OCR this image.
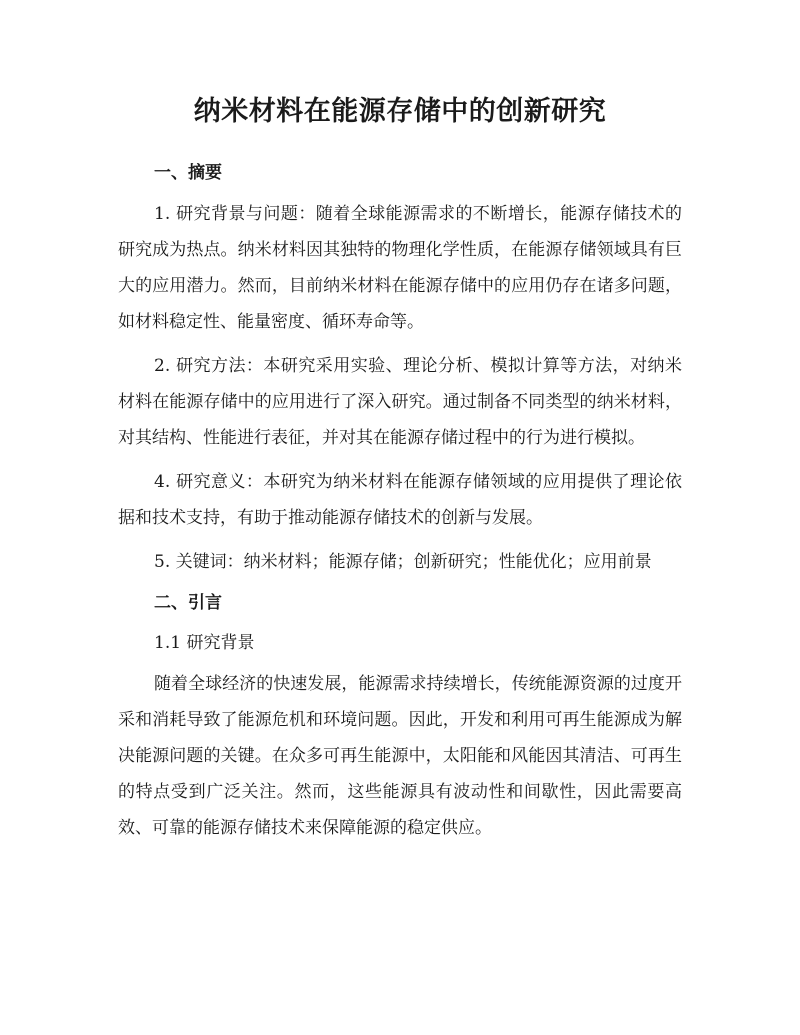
纳米材料在能源存储中的创新研究
一、摘要

1. 研究背景与问题：随着全球能源需求的不断增长，能源存储技术的研究成为热点。纳米材料因其独特的物理化学性质，在能源存储领域具有巨大的应用潜力。然而，目前纳米材料在能源存储中的应用仍存在诸多问题，如材料稳定性、能量密度、循环寿命等。

2. 研究方法：本研究采用实验、理论分析、模拟计算等方法，对纳米材料在能源存储中的应用进行了深入研究。通过制备不同类型的纳米材料，对其结构、性能进行表征，并对其在能源存储过程中的行为进行模拟。

4. 研究意义：本研究为纳米材料在能源存储领域的应用提供了理论依据和技术支持，有助于推动能源存储技术的创新与发展。

5. 关键词：纳米材料；能源存储；创新研究；性能优化；应用前景

二、引言

1.1 研究背景

随着全球经济的快速发展，能源需求持续增长，传统能源资源的过度开采和消耗导致了能源危机和环境问题。因此，开发和利用可再生能源成为解决能源问题的关键。在众多可再生能源中，太阳能和风能因其清洁、可再生的特点受到广泛关注。然而，这些能源具有波动性和间歇性，因此需要高效、可靠的能源存储技术来保障能源的稳定供应。
